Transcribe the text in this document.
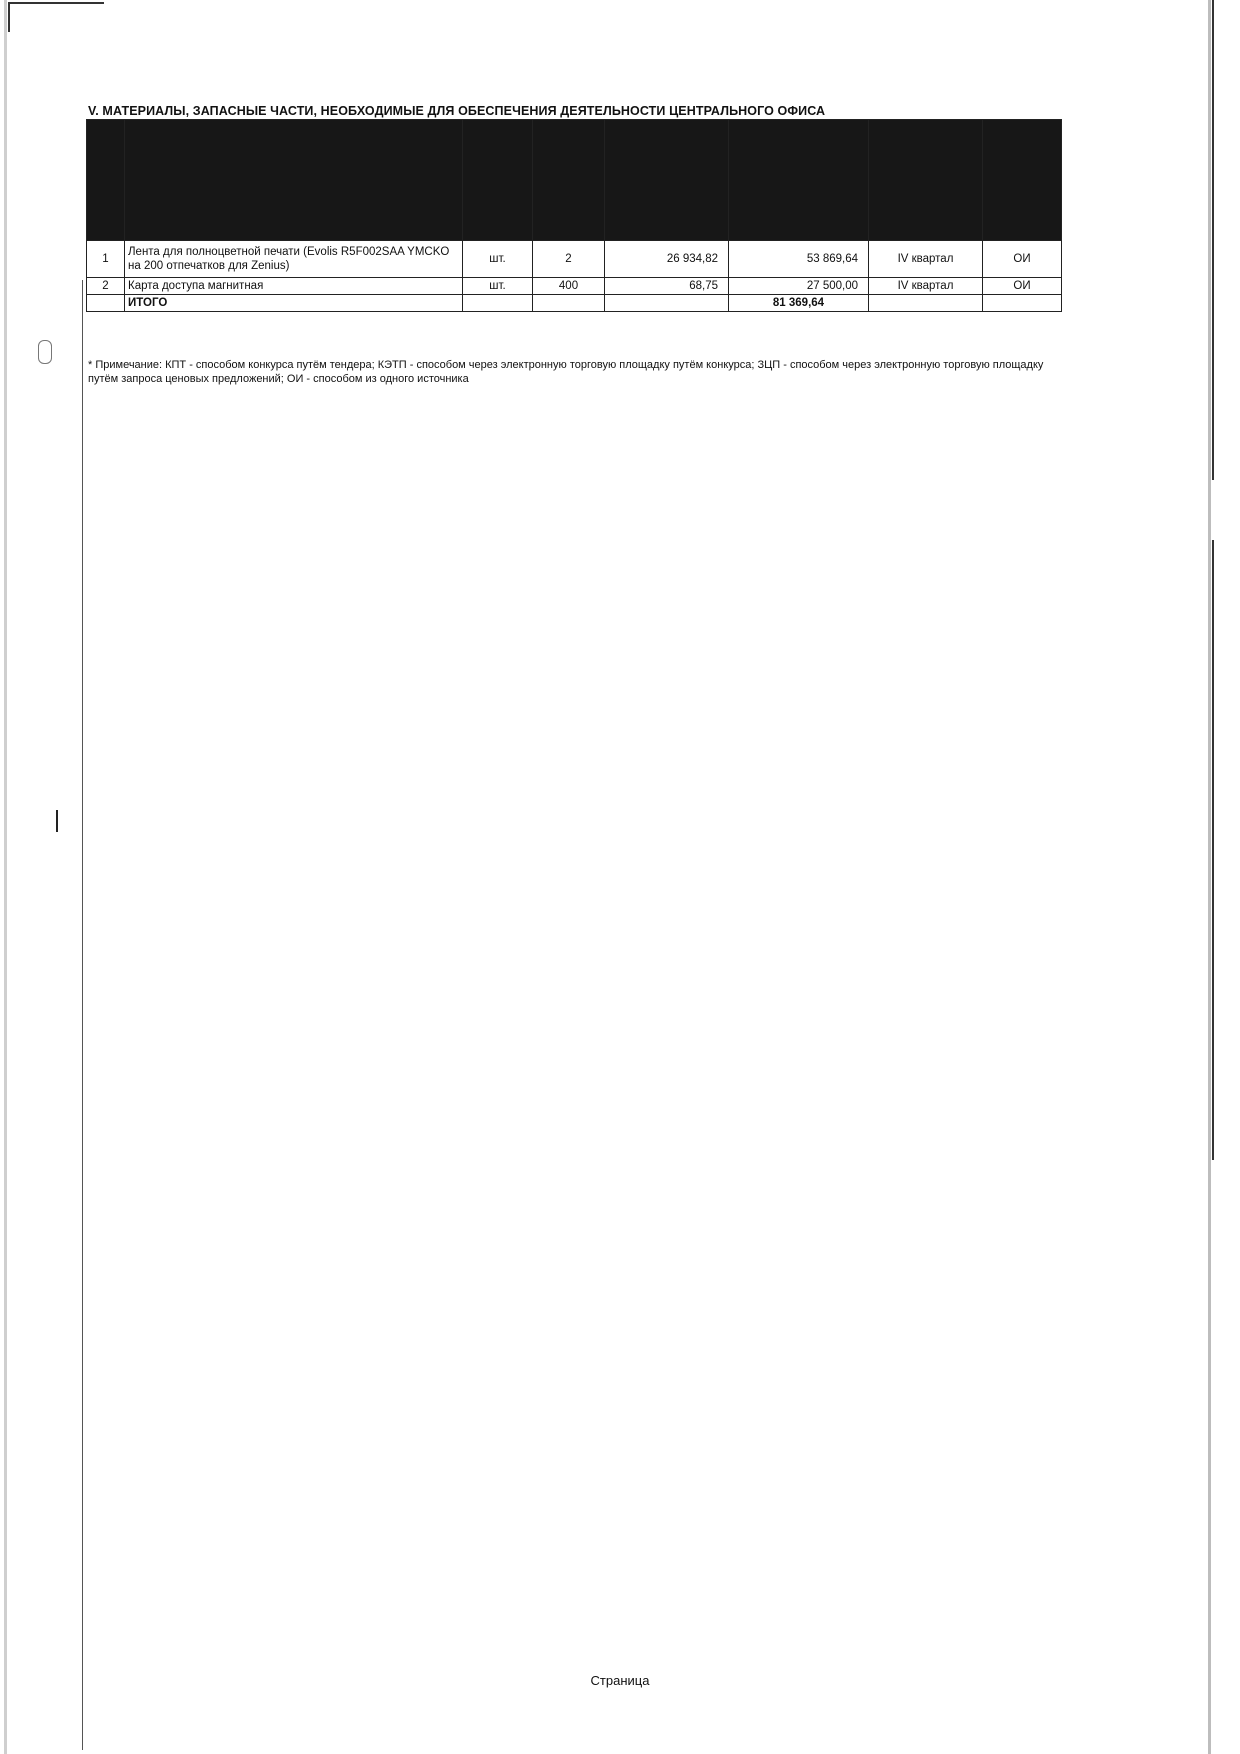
V. МАТЕРИАЛЫ, ЗАПАСНЫЕ ЧАСТИ, НЕОБХОДИМЫЕ ДЛЯ ОБЕСПЕЧЕНИЯ ДЕЯТЕЛЬНОСТИ ЦЕНТРАЛЬНОГО ОФИСА

1	Лента для полноцветной печати (Evolis R5F002SAA YMCKO на 200 отпечатков для Zenius)	шт.	2	26 934,82	53 869,64	IV квартал	ОИ
2	Карта доступа магнитная	шт.	400	68,75	27 500,00	IV квартал	ОИ
	ИТОГО				81 369,64		

* Примечание: КПТ - способом конкурса путём тендера; КЭТП - способом через электронную торговую площадку путём конкурса; ЗЦП - способом через электронную торговую площадку путём запроса ценовых предложений; ОИ - способом из одного источника

Страница
